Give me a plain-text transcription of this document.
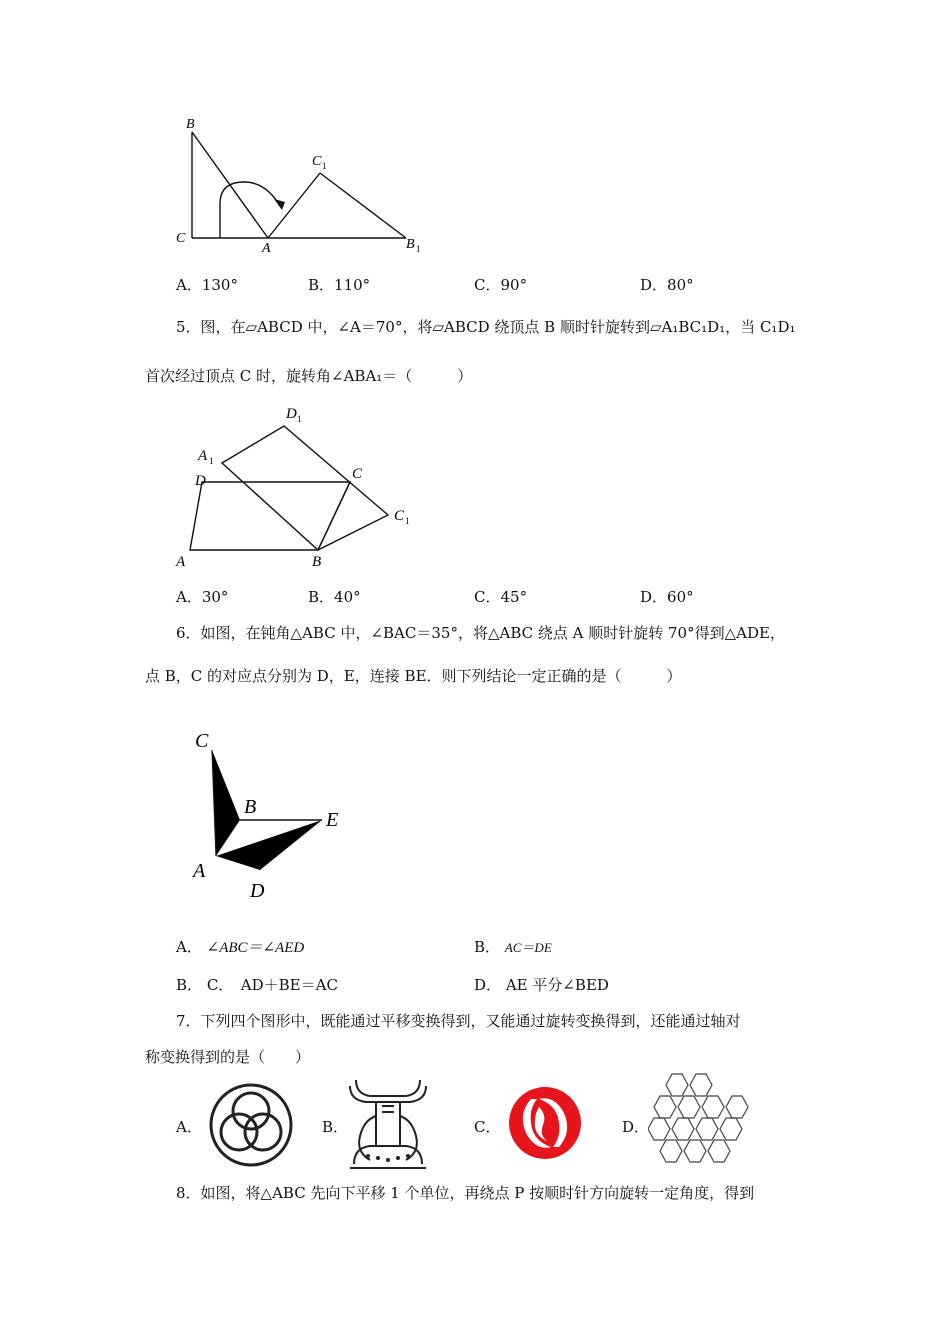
B
C
A
C 1
B 1
A．130°	B．110°	C．90°	D．80°
5．图，在▱ABCD 中，∠A＝70°，将▱ABCD 绕顶点 B 顺时针旋转到▱A₁BC₁D₁，当 C₁D₁
首次经过顶点 C 时，旋转角∠ABA₁＝（　　　）
D 1
A 1
D	C
C 1
A	B
A．30°	B．40°	C．45°	D．60°
6．如图，在钝角△ABC 中，∠BAC＝35°，将△ABC 绕点 A 顺时针旋转 70°得到△ADE，
点 B，C 的对应点分别为 D，E，连接 BE．则下列结论一定正确的是（　　　）
C
B
E
A
D
A． ∠ABC＝∠AED	B． AC＝DE
B． C．　AD＋BE＝AC	D． AE 平分∠BED
7．下列四个图形中，既能通过平移变换得到，又能通过旋转变换得到，还能通过轴对
称变换得到的是（　　）
A．	B．	C．	D．
8．如图，将△ABC 先向下平移 1 个单位，再绕点 P 按顺时针方向旋转一定角度，得到
